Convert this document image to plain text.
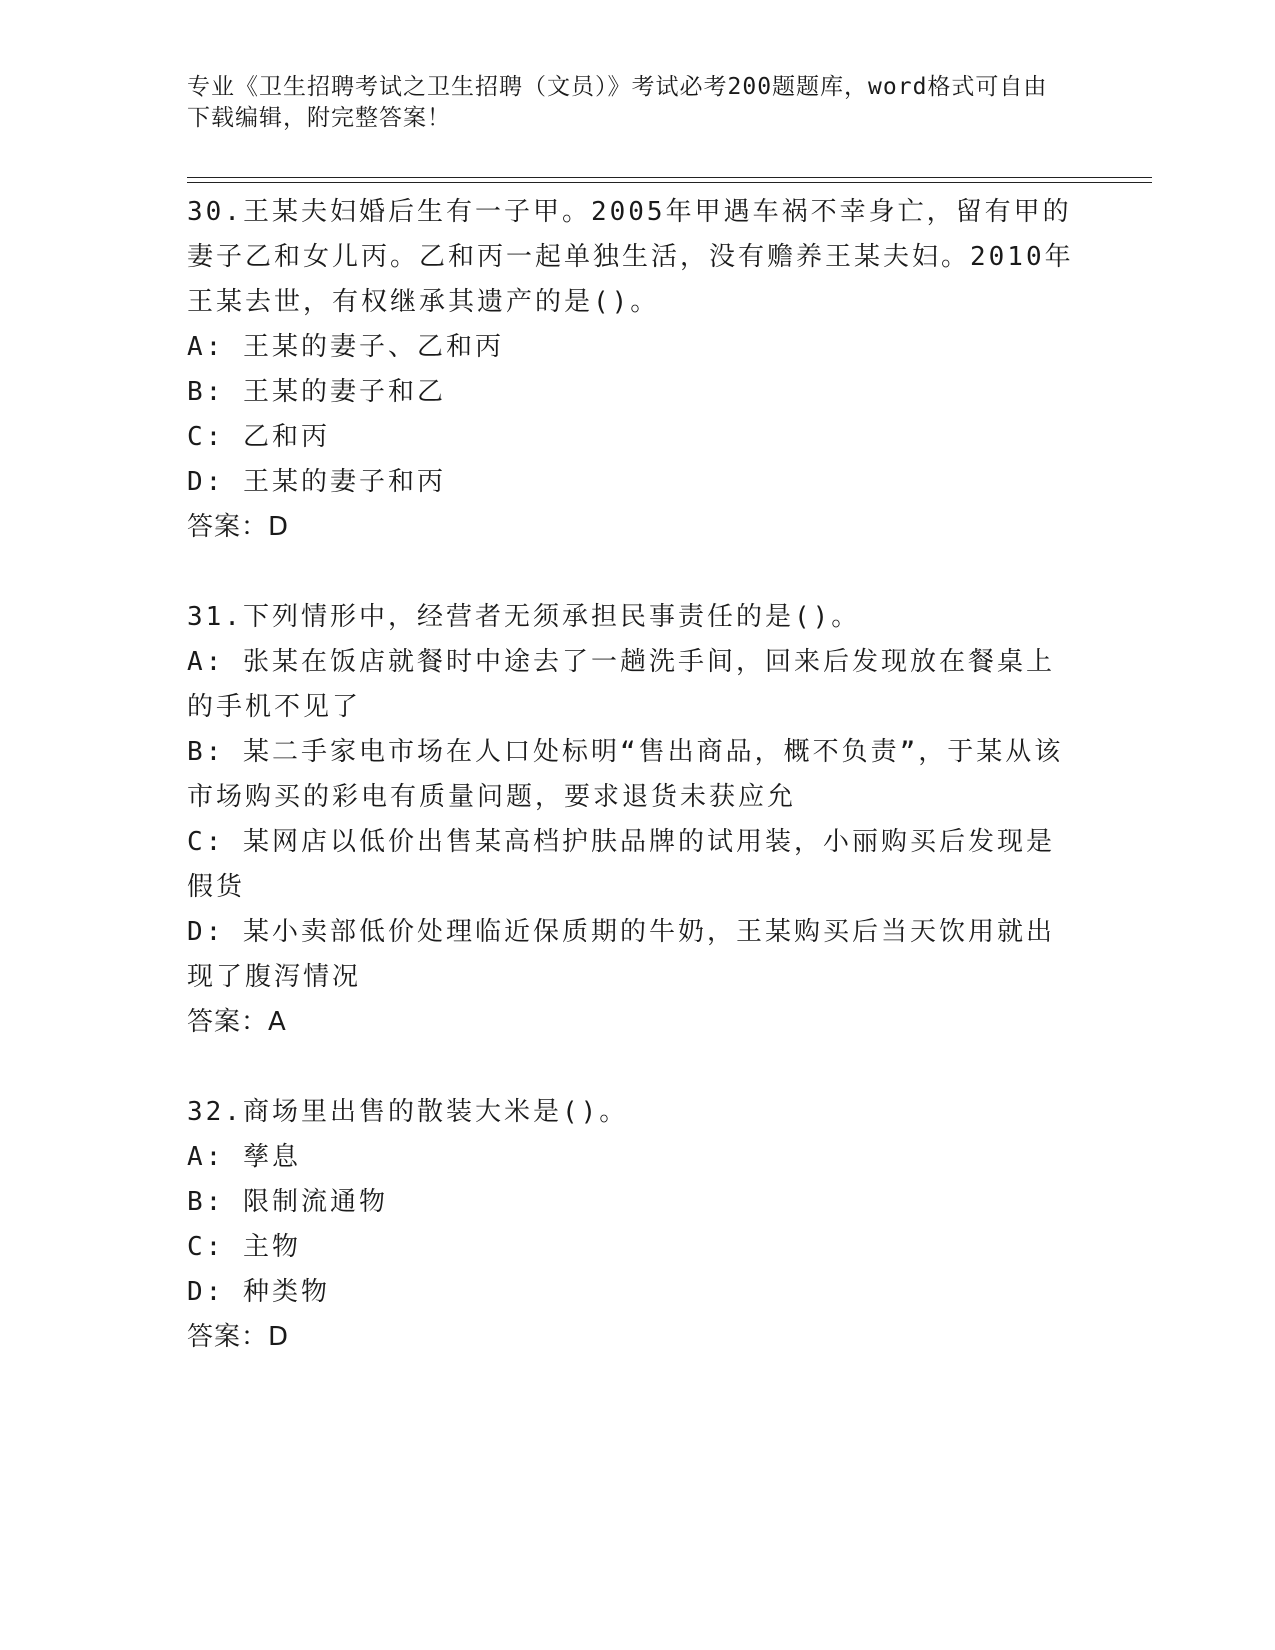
专业《卫生招聘考试之卫生招聘（文员）》考试必考200题题库，word格式可自由下载编辑，附完整答案！
30.王某夫妇婚后生有一子甲。2005年甲遇车祸不幸身亡，留有甲的妻子乙和女儿丙。乙和丙一起单独生活，没有赡养王某夫妇。2010年王某去世，有权继承其遗产的是()。
A: 王某的妻子、乙和丙
B: 王某的妻子和乙
C: 乙和丙
D: 王某的妻子和丙
答案：D
31.下列情形中，经营者无须承担民事责任的是()。
A: 张某在饭店就餐时中途去了一趟洗手间，回来后发现放在餐桌上的手机不见了
B: 某二手家电市场在人口处标明“售出商品，概不负责”，于某从该市场购买的彩电有质量问题，要求退货未获应允
C: 某网店以低价出售某高档护肤品牌的试用装，小丽购买后发现是假货
D: 某小卖部低价处理临近保质期的牛奶，王某购买后当天饮用就出现了腹泻情况
答案：A
32.商场里出售的散装大米是()。
A: 孳息
B: 限制流通物
C: 主物
D: 种类物
答案：D
